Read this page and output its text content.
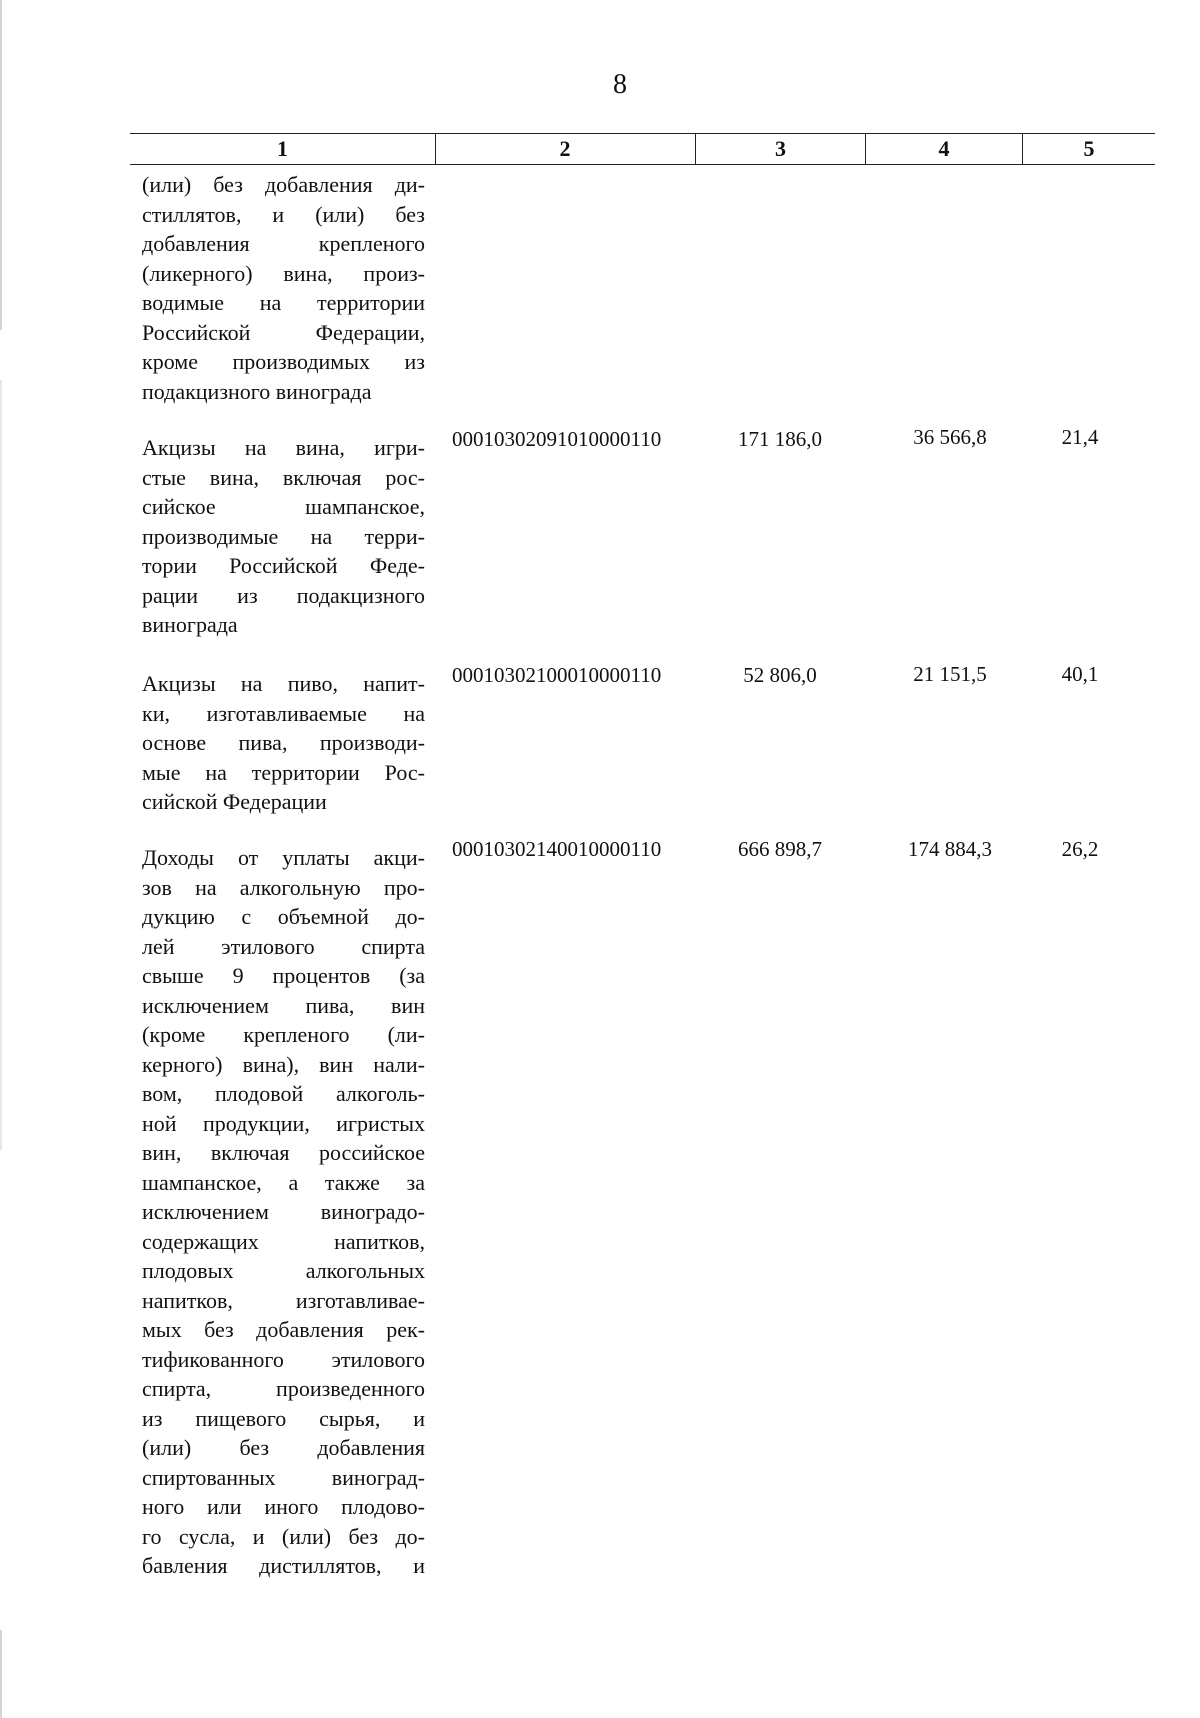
8
1	2	3	4	5
(или) без добавления ди-
стиллятов, и (или) без
добавления крепленого
(ликерного) вина, произ-
водимые на территории
Российской Федерации,
кроме производимых из
подакцизного винограда
Акцизы на вина, игри-
стые вина, включая рос-
сийское шампанское,
производимые на терри-
тории Российской Феде-
рации из подакцизного
винограда
00010302091010000110	171 186,0	36 566,8	21,4
Акцизы на пиво, напит-
ки, изготавливаемые на
основе пива, производи-
мые на территории Рос-
сийской Федерации
00010302100010000110	52 806,0	21 151,5	40,1
Доходы от уплаты акци-
зов на алкогольную про-
дукцию с объемной до-
лей этилового спирта
свыше 9 процентов (за
исключением пива, вин
(кроме крепленого (ли-
керного) вина), вин нали-
вом, плодовой алкоголь-
ной продукции, игристых
вин, включая российское
шампанское, а также за
исключением виноградо-
содержащих напитков,
плодовых алкогольных
напитков, изготавливае-
мых без добавления рек-
тификованного этилового
спирта, произведенного
из пищевого сырья, и
(или) без добавления
спиртованных виноград-
ного или иного плодово-
го сусла, и (или) без до-
бавления дистиллятов, и
00010302140010000110	666 898,7	174 884,3	26,2
